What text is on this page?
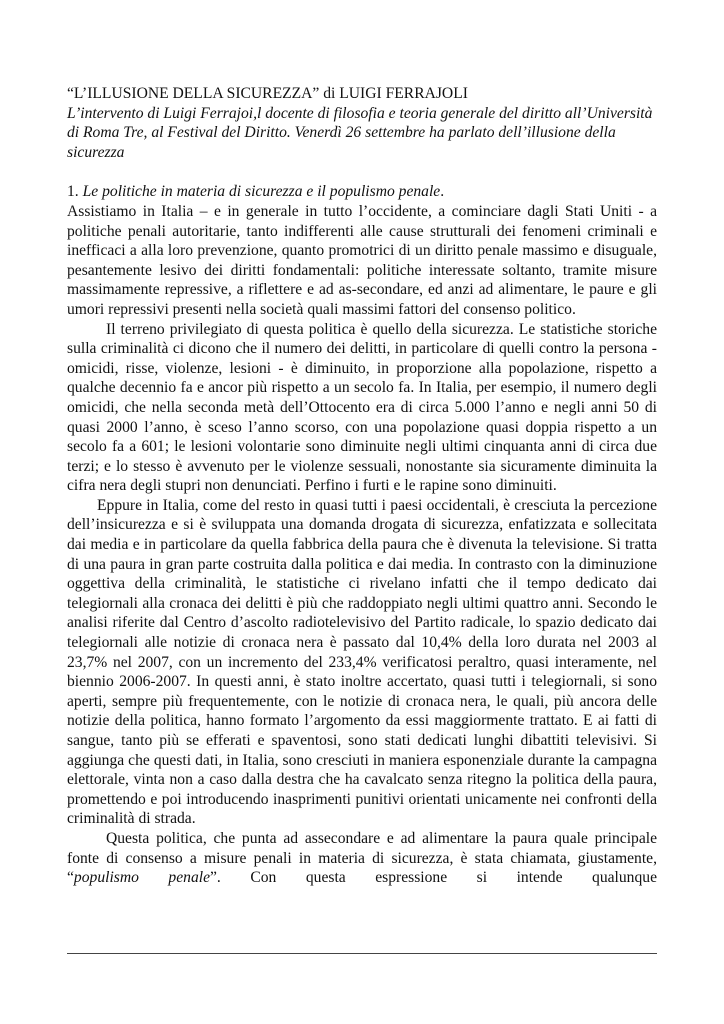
“L’ILLUSIONE DELLA SICUREZZA” di LUIGI FERRAJOLI

L’intervento di Luigi Ferrajoi,l docente di filosofia e teoria generale del diritto all’Università di Roma Tre, al Festival del Diritto. Venerdì 26 settembre ha parlato dell’illusione della sicurezza

1. Le politiche in materia di sicurezza e il populismo penale.

Assistiamo in Italia – e in generale in tutto l’occidente, a cominciare dagli Stati Uniti - a politiche penali autoritarie, tanto indifferenti alle cause strutturali dei fenomeni criminali e inefficaci a alla loro prevenzione, quanto promotrici di un diritto penale massimo e disuguale, pesantemente lesivo dei diritti fondamentali: politiche interessate soltanto, tramite misure massimamente repressive, a riflettere e ad as-secondare, ed anzi ad alimentare, le paure e gli umori repressivi presenti nella società quali massimi fattori del consenso politico.

Il terreno privilegiato di questa politica è quello della sicurezza. Le statistiche storiche sulla criminalità ci dicono che il numero dei delitti, in particolare di quelli contro la persona - omicidi, risse, violenze, lesioni - è diminuito, in proporzione alla popolazione, rispetto a qualche decennio fa e ancor più rispetto a un secolo fa. In Italia, per esempio, il numero degli omicidi, che nella seconda metà dell’Ottocento era di circa 5.000 l’anno e negli anni 50 di quasi 2000 l’anno, è sceso l’anno scorso, con una popolazione quasi doppia rispetto a un secolo fa a 601; le lesioni volontarie sono diminuite negli ultimi cinquanta anni di circa due terzi; e lo stesso è avvenuto per le violenze sessuali, nonostante sia sicuramente diminuita la cifra nera degli stupri non denunciati. Perfino i furti e le rapine sono diminuiti.

Eppure in Italia, come del resto in quasi tutti i paesi occidentali, è cresciuta la percezione dell’insicurezza e si è sviluppata una domanda drogata di sicurezza, enfatizzata e sollecitata dai media e in particolare da quella fabbrica della paura che è divenuta la televisione. Si tratta di una paura in gran parte costruita dalla politica e dai media. In contrasto con la diminuzione oggettiva della criminalità, le statistiche ci rivelano infatti che il tempo dedicato dai telegiornali alla cronaca dei delitti è più che raddoppiato negli ultimi quattro anni. Secondo le analisi riferite dal Centro d’ascolto radiotelevisivo del Partito radicale, lo spazio dedicato dai telegiornali alle notizie di cronaca nera è passato dal 10,4% della loro durata nel 2003 al 23,7% nel 2007, con un incremento del 233,4% verificatosi peraltro, quasi interamente, nel biennio 2006-2007. In questi anni, è stato inoltre accertato, quasi tutti i telegiornali, si sono aperti, sempre più frequentemente, con le notizie di cronaca nera, le quali, più ancora delle notizie della politica, hanno formato l’argomento da essi maggiormente trattato. E ai fatti di sangue, tanto più se efferati e spaventosi, sono stati dedicati lunghi dibattiti televisivi. Si aggiunga che questi dati, in Italia, sono cresciuti in maniera esponenziale durante la campagna elettorale, vinta non a caso dalla destra che ha cavalcato senza ritegno la politica della paura, promettendo e poi introducendo inasprimenti punitivi orientati unicamente nei confronti della criminalità di strada.

Questa politica, che punta ad assecondare e ad alimentare la paura quale principale fonte di consenso a misure penali in materia di sicurezza, è stata chiamata, giustamente, “populismo penale”. Con questa espressione si intende qualunque
